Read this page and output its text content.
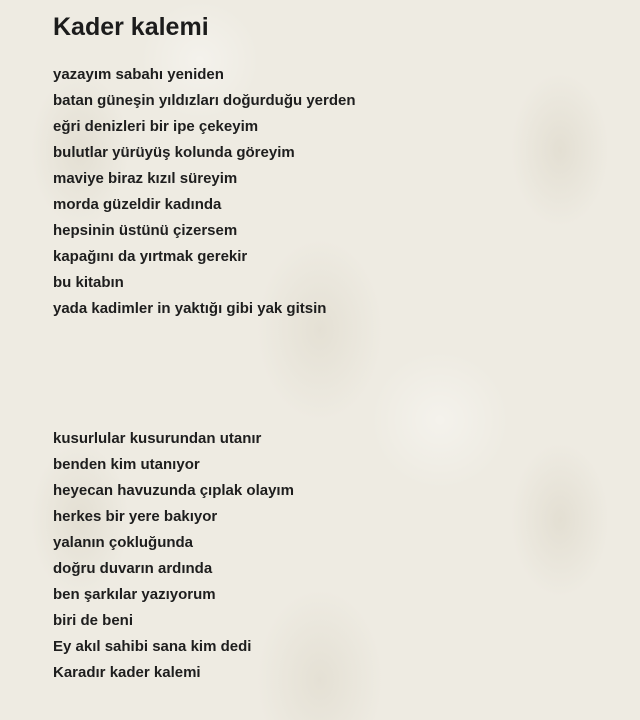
Kader kalemi
yazayım sabahı yeniden
batan güneşin yıldızları doğurduğu yerden
eğri denizleri bir ipe çekeyim
bulutlar yürüyüş kolunda göreyim
maviye biraz kızıl süreyim
morda güzeldir kadında
hepsinin üstünü çizersem
kapağını da yırtmak gerekir
bu kitabın
yada kadimler in yaktığı gibi yak gitsin
kusurlular kusurundan utanır
benden kim utanıyor
heyecan havuzunda çıplak olayım
herkes bir yere bakıyor
yalanın çokluğunda
doğru duvarın ardında
ben şarkılar yazıyorum
biri de beni
Ey akıl sahibi sana kim dedi
Karadır kader kalemi
